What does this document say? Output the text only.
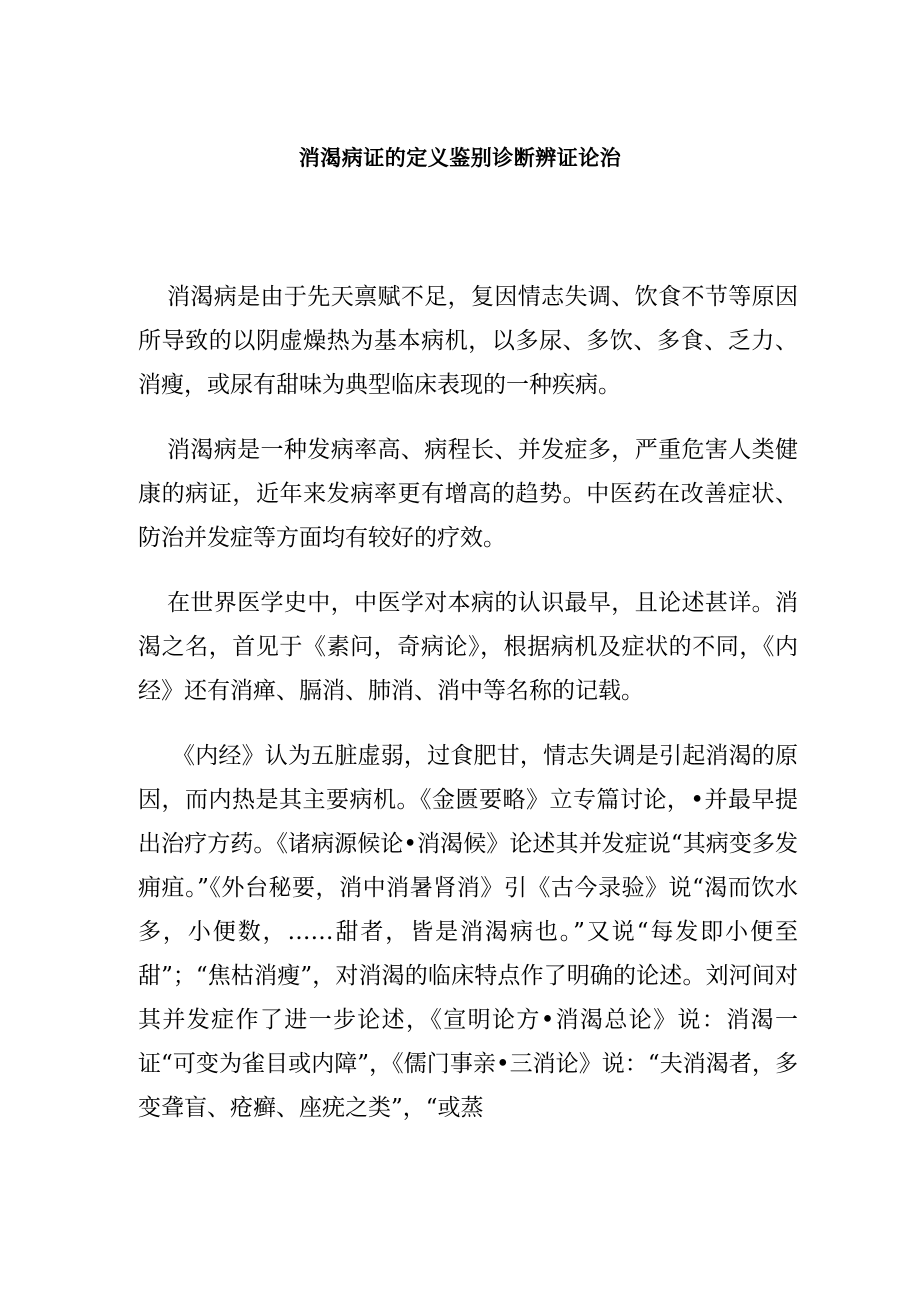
消渴病证的定义鉴别诊断辨证论治

消渴病是由于先天禀赋不足，复因情志失调、饮食不节等原因所导致的以阴虚燥热为基本病机，以多尿、多饮、多食、乏力、消瘦，或尿有甜味为典型临床表现的一种疾病。

消渴病是一种发病率高、病程长、并发症多，严重危害人类健康的病证，近年来发病率更有增高的趋势。中医药在改善症状、防治并发症等方面均有较好的疗效。

在世界医学史中，中医学对本病的认识最早，且论述甚详。消渴之名，首见于《素问，奇病论》，根据病机及症状的不同，《内经》还有消瘅、膈消、肺消、消中等名称的记载。

《内经》认为五脏虚弱，过食肥甘，情志失调是引起消渴的原因，而内热是其主要病机。《金匮要略》立专篇讨论，•并最早提出治疗方药。《诸病源候论•消渴候》论述其并发症说“其病变多发痈疽。”《外台秘要，消中消暑肾消》引《古今录验》说“渴而饮水多，小便数，……甜者，皆是消渴病也。”又说“每发即小便至甜”；“焦枯消瘦”，对消渴的临床特点作了明确的论述。刘河间对其并发症作了进一步论述，《宣明论方•消渴总论》说：消渴一证“可变为雀目或内障”，《儒门事亲•三消论》说：“夫消渴者，多变聋盲、疮癣、座疣之类”，“或蒸
